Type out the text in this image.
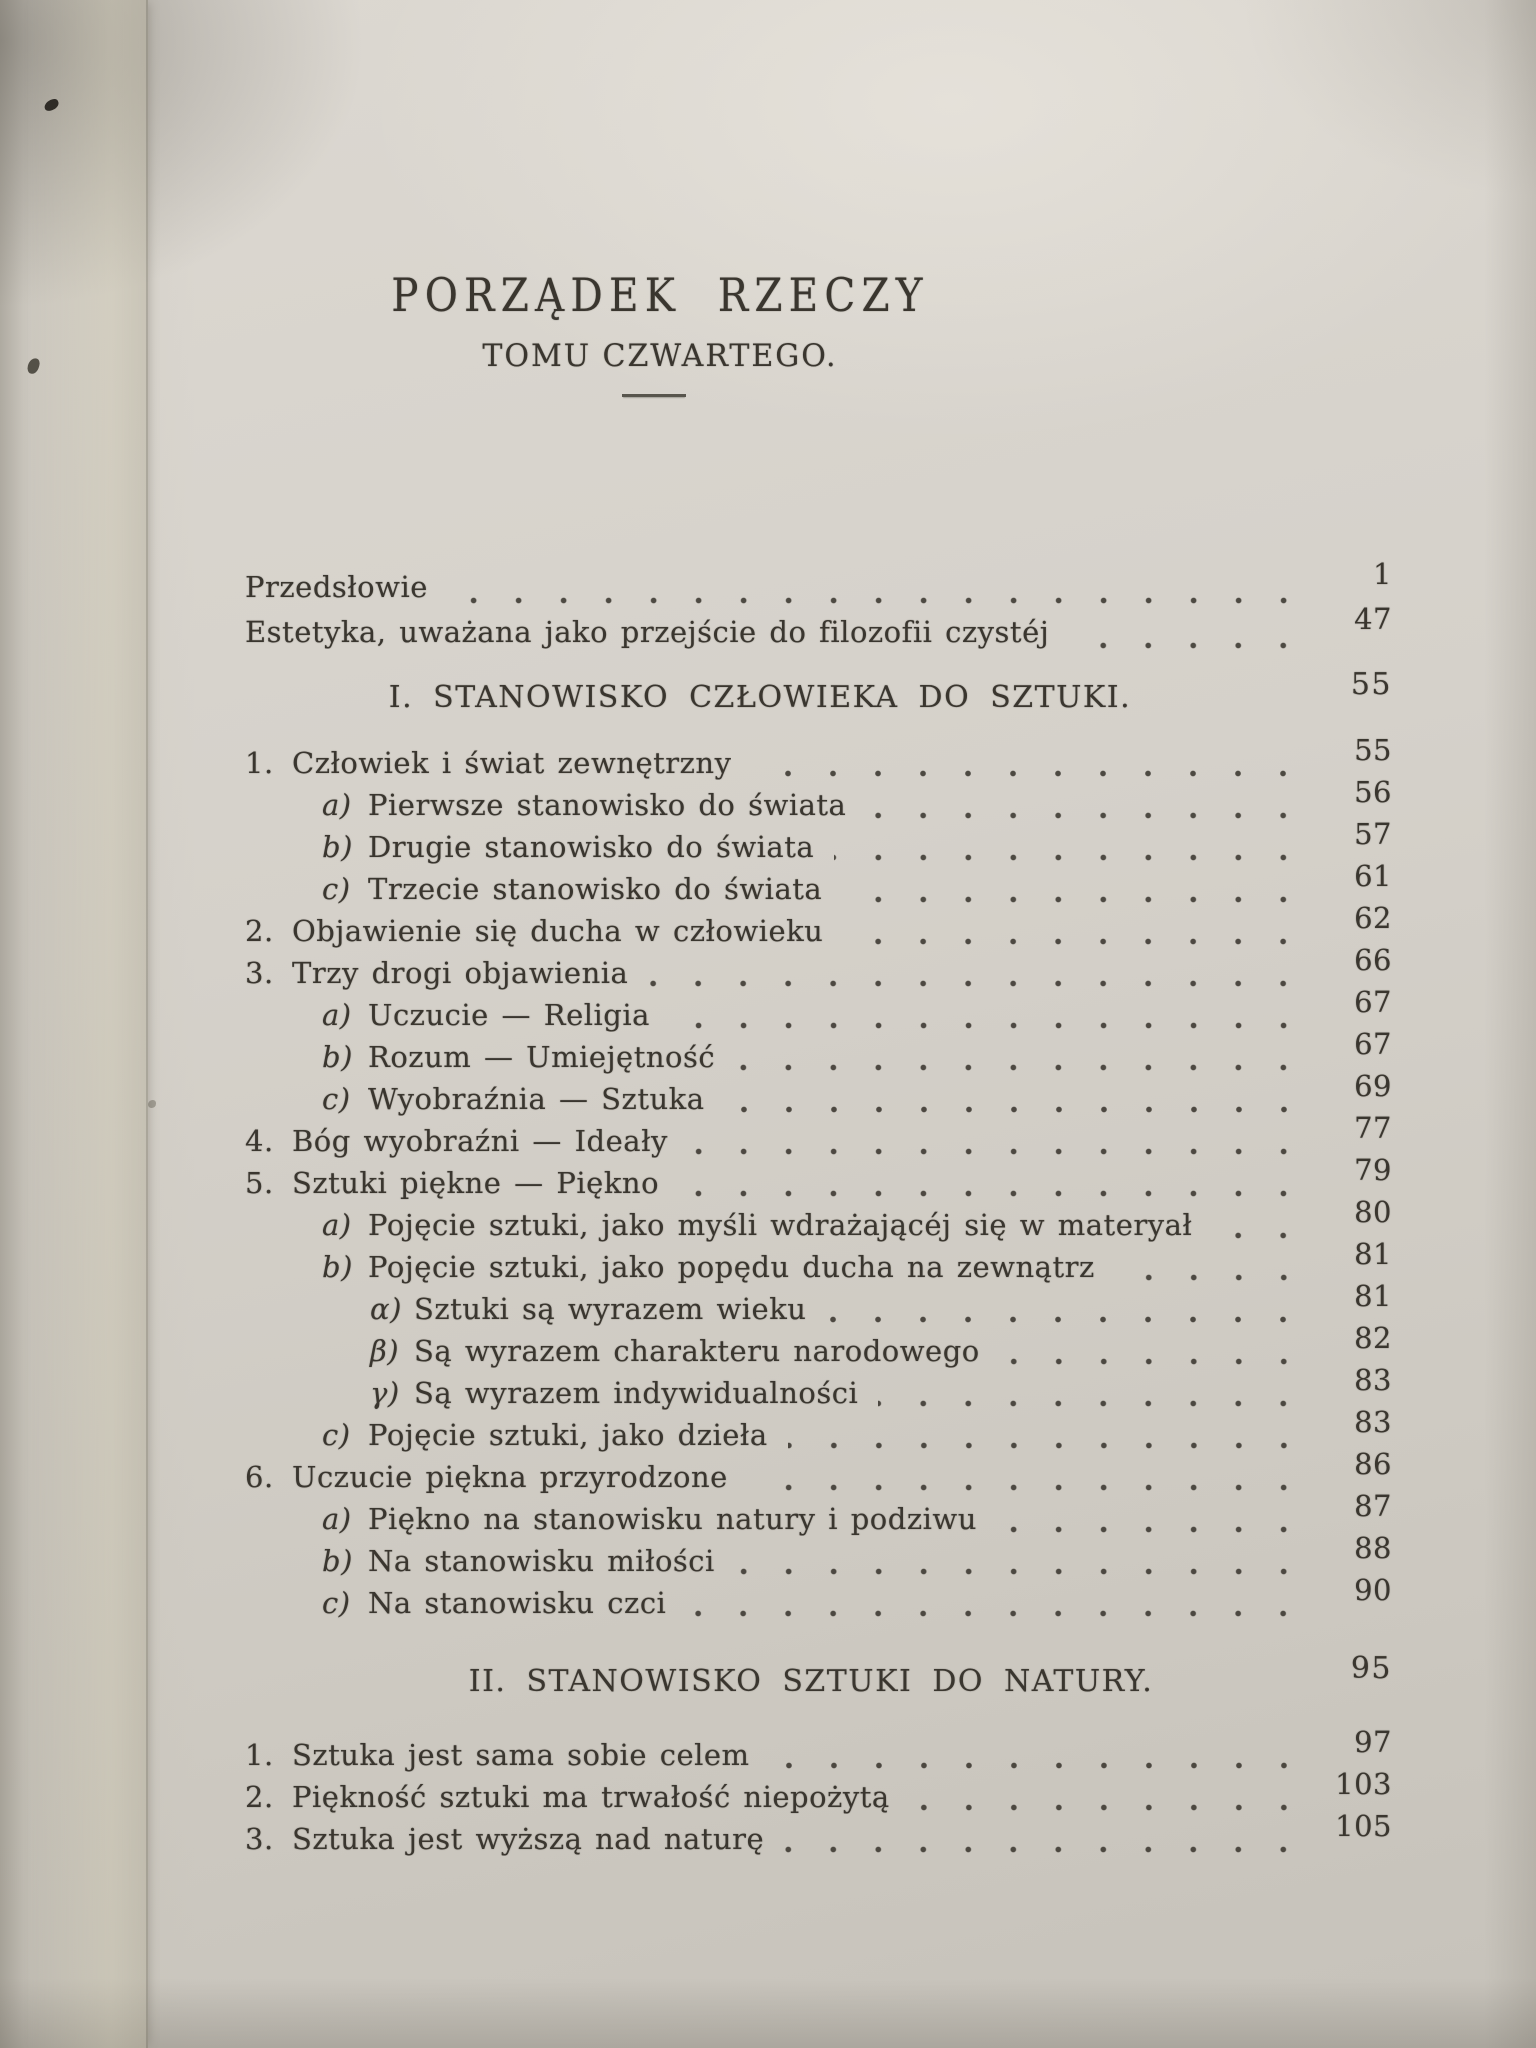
PORZĄDEK RZECZY
TOMU CZWARTEGO.
Przedsłowie	1
Estetyka, uważana jako przejście do filozofii czystéj	47
I. STANOWISKO CZŁOWIEKA DO SZTUKI.	55
1. Człowiek i świat zewnętrzny	55
a) Pierwsze stanowisko do świata	56
b) Drugie stanowisko do świata	57
c) Trzecie stanowisko do świata	61
2. Objawienie się ducha w człowieku	62
3. Trzy drogi objawienia	66
a) Uczucie — Religia	67
b) Rozum — Umiejętność	67
c) Wyobraźnia — Sztuka	69
4. Bóg wyobraźni — Ideały	77
5. Sztuki piękne — Piękno	79
a) Pojęcie sztuki, jako myśli wdrażającéj się w materyał	80
b) Pojęcie sztuki, jako popędu ducha na zewnątrz	81
α) Sztuki są wyrazem wieku	81
β) Są wyrazem charakteru narodowego	82
γ) Są wyrazem indywidualności	83
c) Pojęcie sztuki, jako dzieła	83
6. Uczucie piękna przyrodzone	86
a) Piękno na stanowisku natury i podziwu	87
b) Na stanowisku miłości	88
c) Na stanowisku czci	90
II. STANOWISKO SZTUKI DO NATURY.	95
1. Sztuka jest sama sobie celem	97
2. Piękność sztuki ma trwałość niepożytą	103
3. Sztuka jest wyższą nad naturę	105
